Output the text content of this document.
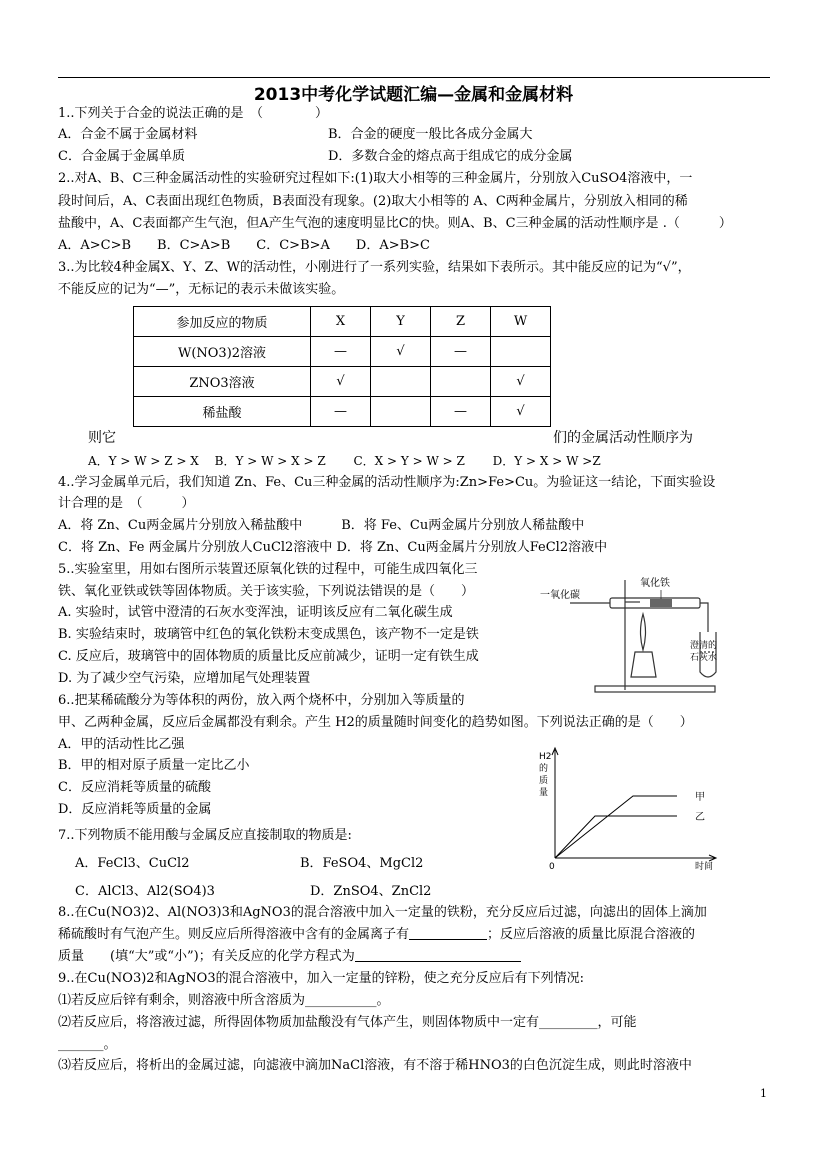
2013中考化学试题汇编—金属和金属材料
1..下列关于合金的说法正确的是　（　　　　）
A．合金不属于金属材料	B．合金的硬度一般比各成分金属大
C．合金属于金属单质	D．多数合金的熔点高于组成它的成分金属
2..对A、B、C三种金属活动性的实验研究过程如下:(1)取大小相等的三种金属片，分别放入CuSO4溶液中，一
段时间后，A、C表面出现红色物质，B表面没有现象。(2)取大小相等的 A、C两种金属片，分别放入相同的稀
盐酸中，A、C表面都产生气泡，但A产生气泡的速度明显比C的快。则A、B、C三种金属的活动性顺序是 .（　　　）
A．A>C>B　　B．C>A>B　　C．C>B>A　　D．A>B>C
3..为比较4种金属X、Y、Z、W的活动性，小刚进行了一系列实验，结果如下表所示。其中能反应的记为“√”，
不能反应的记为“—”，无标记的表示未做该实验。
参加反应的物质	X	Y	Z	W
W(NO3)2溶液	—	√	—	
ZNO3溶液	√			√
稀盐酸	—		—	√
则它	们的金属活动性顺序为
A．Y > W > Z > X　 B．Y > W > X > Z　　 C．X > Y > W > Z　　 D．Y > X > W >Z
4..学习金属单元后，我们知道 Zn、Fe、Cu三种金属的活动性顺序为:Zn>Fe>Cu。为验证这一结论，下面实验设
计合理的是　（　　　）
A．将 Zn、Cu两金属片分别放入稀盐酸中　　　B．将 Fe、Cu两金属片分别放人稀盐酸中
C．将 Zn、Fe 两金属片分别放人CuCl2溶液中 D．将 Zn、Cu两金属片分别放人FeCl2溶液中
5..实验室里，用如右图所示装置还原氧化铁的过程中，可能生成四氧化三
铁、氧化亚铁或铁等固体物质。关于该实验，下列说法错误的是（　　）
A. 实验时，试管中澄清的石灰水变浑浊，证明该反应有二氧化碳生成
B. 实验结束时，玻璃管中红色的氧化铁粉末变成黑色，该产物不一定是铁
C. 反应后，玻璃管中的固体物质的质量比反应前减少，证明一定有铁生成
D. 为了减少空气污染，应增加尾气处理装置
氧化铁
一氧化碳
澄清的
石灰水
6..把某稀硫酸分为等体积的两份，放入两个烧杯中，分别加入等质量的
甲、乙两种金属，反应后金属都没有剩余。产生 H2的质量随时间变化的趋势如图。下列说法正确的是（　　）
A．甲的活动性比乙强
B．甲的相对原子质量一定比乙小
C．反应消耗等质量的硫酸
D．反应消耗等质量的金属
H2
的
质
量
0	时间
甲
乙
7..下列物质不能用酸与金属反应直接制取的物质是:
A．FeCl3、CuCl2	B．FeSO4、MgCl2
C．AlCl3、Al2(SO4)3	D．ZnSO4、ZnCl2
8..在Cu(NO3)2、Al(NO3)3和AgNO3的混合溶液中加入一定量的铁粉，充分反应后过滤，向滤出的固体上滴加
稀硫酸时有气泡产生。则反应后所得溶液中含有的金属离子有	；反应后溶液的质量比原混合溶液的
质量　　(填“大”或“小”)；有关反应的化学方程式为
9..在Cu(NO3)2和AgNO3的混合溶液中，加入一定量的锌粉，使之充分反应后有下列情况:
⑴若反应后锌有剩余，则溶液中所含溶质为___________。
⑵若反应后，将溶液过滤，所得固体物质加盐酸没有气体产生，则固体物质中一定有_________，可能
_______。
⑶若反应后，将析出的金属过滤，向滤液中滴加NaCl溶液，有不溶于稀HNO3的白色沉淀生成，则此时溶液中
1
